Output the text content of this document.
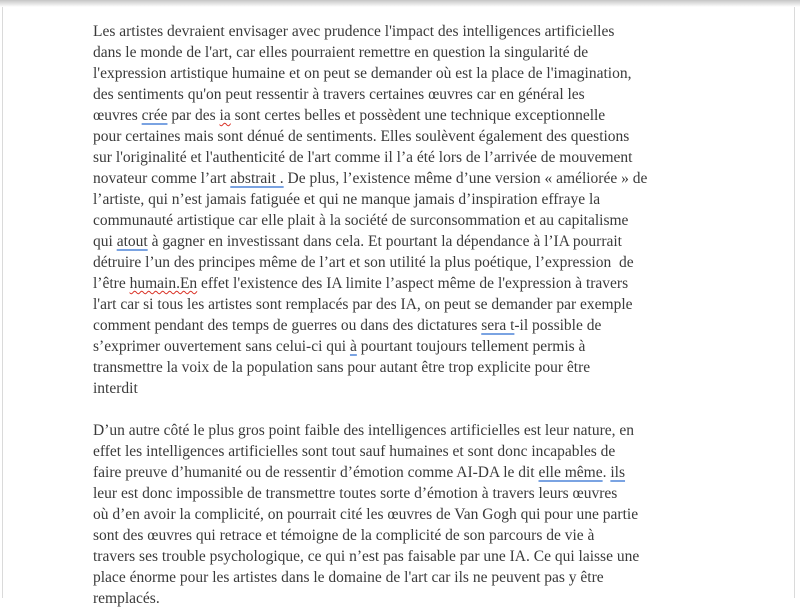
Les artistes devraient envisager avec prudence l'impact des intelligences artificielles
dans le monde de l'art, car elles pourraient remettre en question la singularité de
l'expression artistique humaine et on peut se demander où est la place de l'imagination,
des sentiments qu'on peut ressentir à travers certaines œuvres car en général les
œuvres crée par des ia sont certes belles et possèdent une technique exceptionnelle
pour certaines mais sont dénué de sentiments. Elles soulèvent également des questions
sur l'originalité et l'authenticité de l'art comme il l’a été lors de l’arrivée de mouvement
novateur comme l’art abstrait . De plus, l’existence même d’une version « améliorée » de
l’artiste, qui n’est jamais fatiguée et qui ne manque jamais d’inspiration effraye la
communauté artistique car elle plait à la société de surconsommation et au capitalisme
qui atout à gagner en investissant dans cela. Et pourtant la dépendance à l’IA pourrait
détruire l’un des principes même de l’art et son utilité la plus poétique, l’expression  de
l’être humain.En effet l'existence des IA limite l’aspect même de l'expression à travers
l'art car si tous les artistes sont remplacés par des IA, on peut se demander par exemple
comment pendant des temps de guerres ou dans des dictatures sera t-il possible de
s’exprimer ouvertement sans celui-ci qui à pourtant toujours tellement permis à
transmettre la voix de la population sans pour autant être trop explicite pour être
interdit
D’un autre côté le plus gros point faible des intelligences artificielles est leur nature, en
effet les intelligences artificielles sont tout sauf humaines et sont donc incapables de
faire preuve d’humanité ou de ressentir d’émotion comme AI-DA le dit elle même. ils
leur est donc impossible de transmettre toutes sorte d’émotion à travers leurs œuvres
où d’en avoir la complicité, on pourrait cité les œuvres de Van Gogh qui pour une partie
sont des œuvres qui retrace et témoigne de la complicité de son parcours de vie à
travers ses trouble psychologique, ce qui n’est pas faisable par une IA. Ce qui laisse une
place énorme pour les artistes dans le domaine de l'art car ils ne peuvent pas y être
remplacés.
